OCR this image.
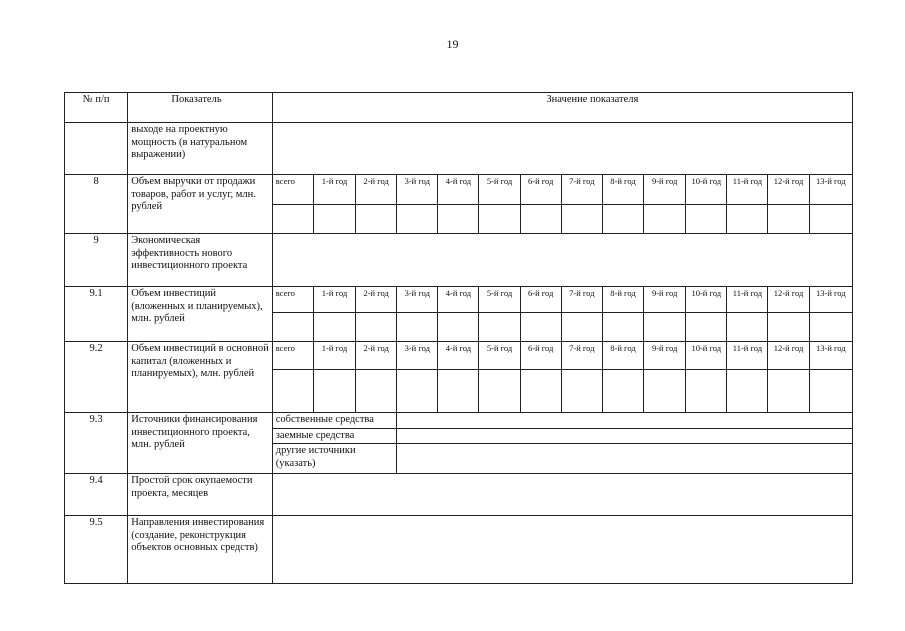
19
№ п/п	Показатель	Значение показателя													
	выходе на проектную мощность (в натуральном выражении)														
8	Объем выручки от продажи товаров, работ и услуг, млн. рублей	всего	1-й год	2-й год	3-й год	4-й год	5-й год	6-й год	7-й год	8-й год	9-й год	10-й год	11-й год	12-й год	13-й год

9	Экономическая эффективность нового инвестиционного проекта														
9.1	Объем инвестиций (вложенных и планируемых), млн. рублей	всего	1-й год	2-й год	3-й год	4-й год	5-й год	6-й год	7-й год	8-й год	9-й год	10-й год	11-й год	12-й год	13-й год

9.2	Объем инвестиций в основной капитал (вложенных и планируемых), млн. рублей	всего	1-й год	2-й год	3-й год	4-й год	5-й год	6-й год	7-й год	8-й год	9-й год	10-й год	11-й год	12-й год	13-й год

9.3	Источники финансирования инвестиционного проекта, млн. рублей	собственные средства													
		заемные средства													
		другие источники (указать)													
9.4	Простой срок окупаемости проекта, месяцев														
9.5	Направления инвестирования (создание, реконструкция объектов основных средств)														
